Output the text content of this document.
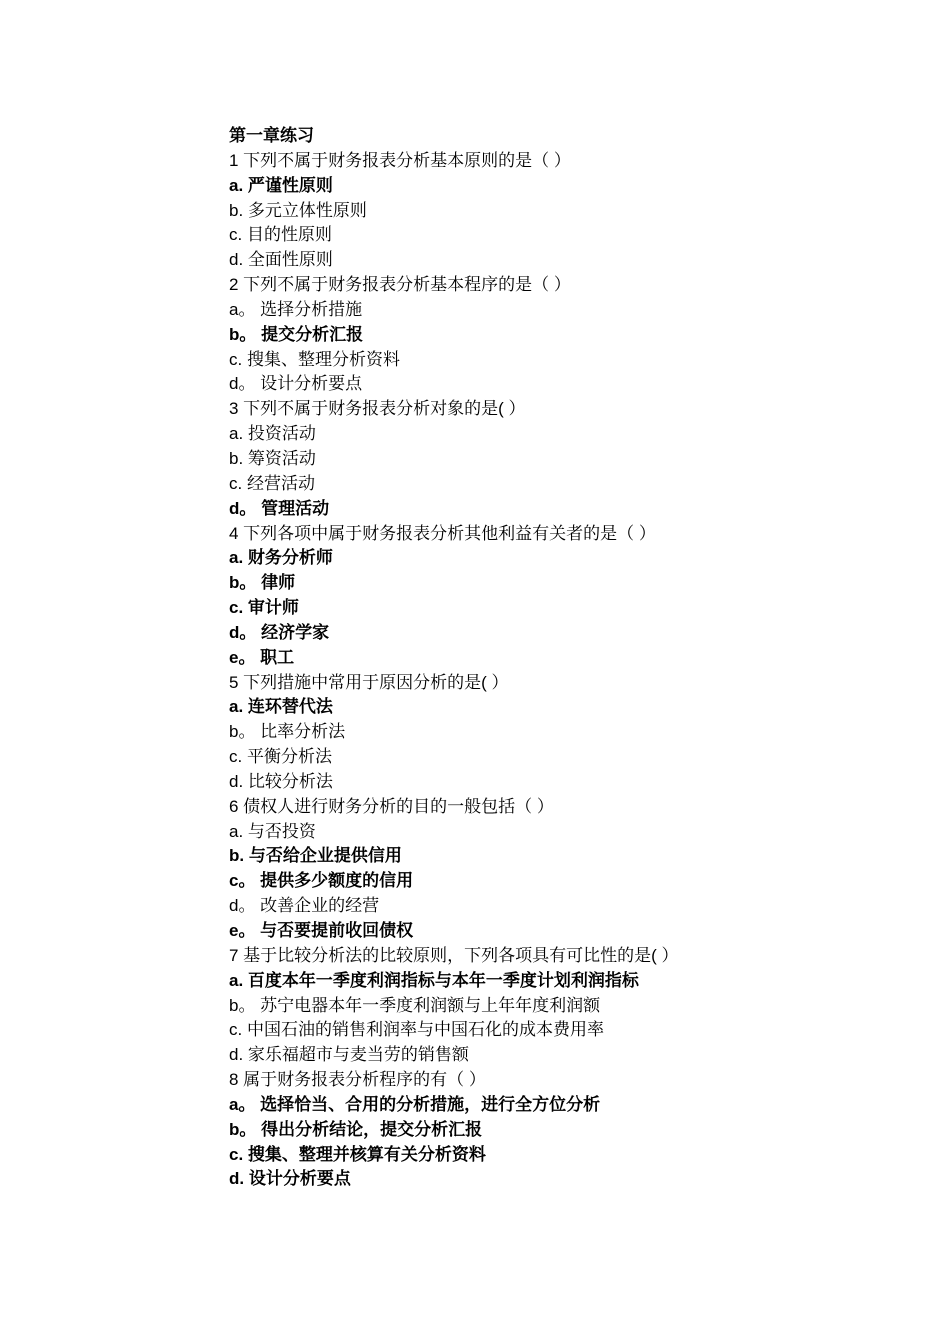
第一章练习
1 下列不属于财务报表分析基本原则的是（ ）
a. 严谨性原则
b. 多元立体性原则
c. 目的性原则
d. 全面性原则
2 下列不属于财务报表分析基本程序的是（ ）
a。 选择分析措施
b。 提交分析汇报
c. 搜集、整理分析资料
d。 设计分析要点
3 下列不属于财务报表分析对象的是( ）
a. 投资活动
b. 筹资活动
c. 经营活动
d。 管理活动
4 下列各项中属于财务报表分析其他利益有关者的是（ ）
a. 财务分析师
b。 律师
c. 审计师
d。 经济学家
e。 职工
5 下列措施中常用于原因分析的是( ）
a. 连环替代法
b。 比率分析法
c. 平衡分析法
d. 比较分析法
6 债权人进行财务分析的目的一般包括（ ）
a. 与否投资
b. 与否给企业提供信用
c。 提供多少额度的信用
d。 改善企业的经营
e。 与否要提前收回债权
7 基于比较分析法的比较原则，下列各项具有可比性的是( ）
a. 百度本年一季度利润指标与本年一季度计划利润指标
b。 苏宁电器本年一季度利润额与上年年度利润额
c. 中国石油的销售利润率与中国石化的成本费用率
d. 家乐福超市与麦当劳的销售额
8 属于财务报表分析程序的有（ ）
a。 选择恰当、合用的分析措施，进行全方位分析
b。 得出分析结论，提交分析汇报
c. 搜集、整理并核算有关分析资料
d. 设计分析要点
